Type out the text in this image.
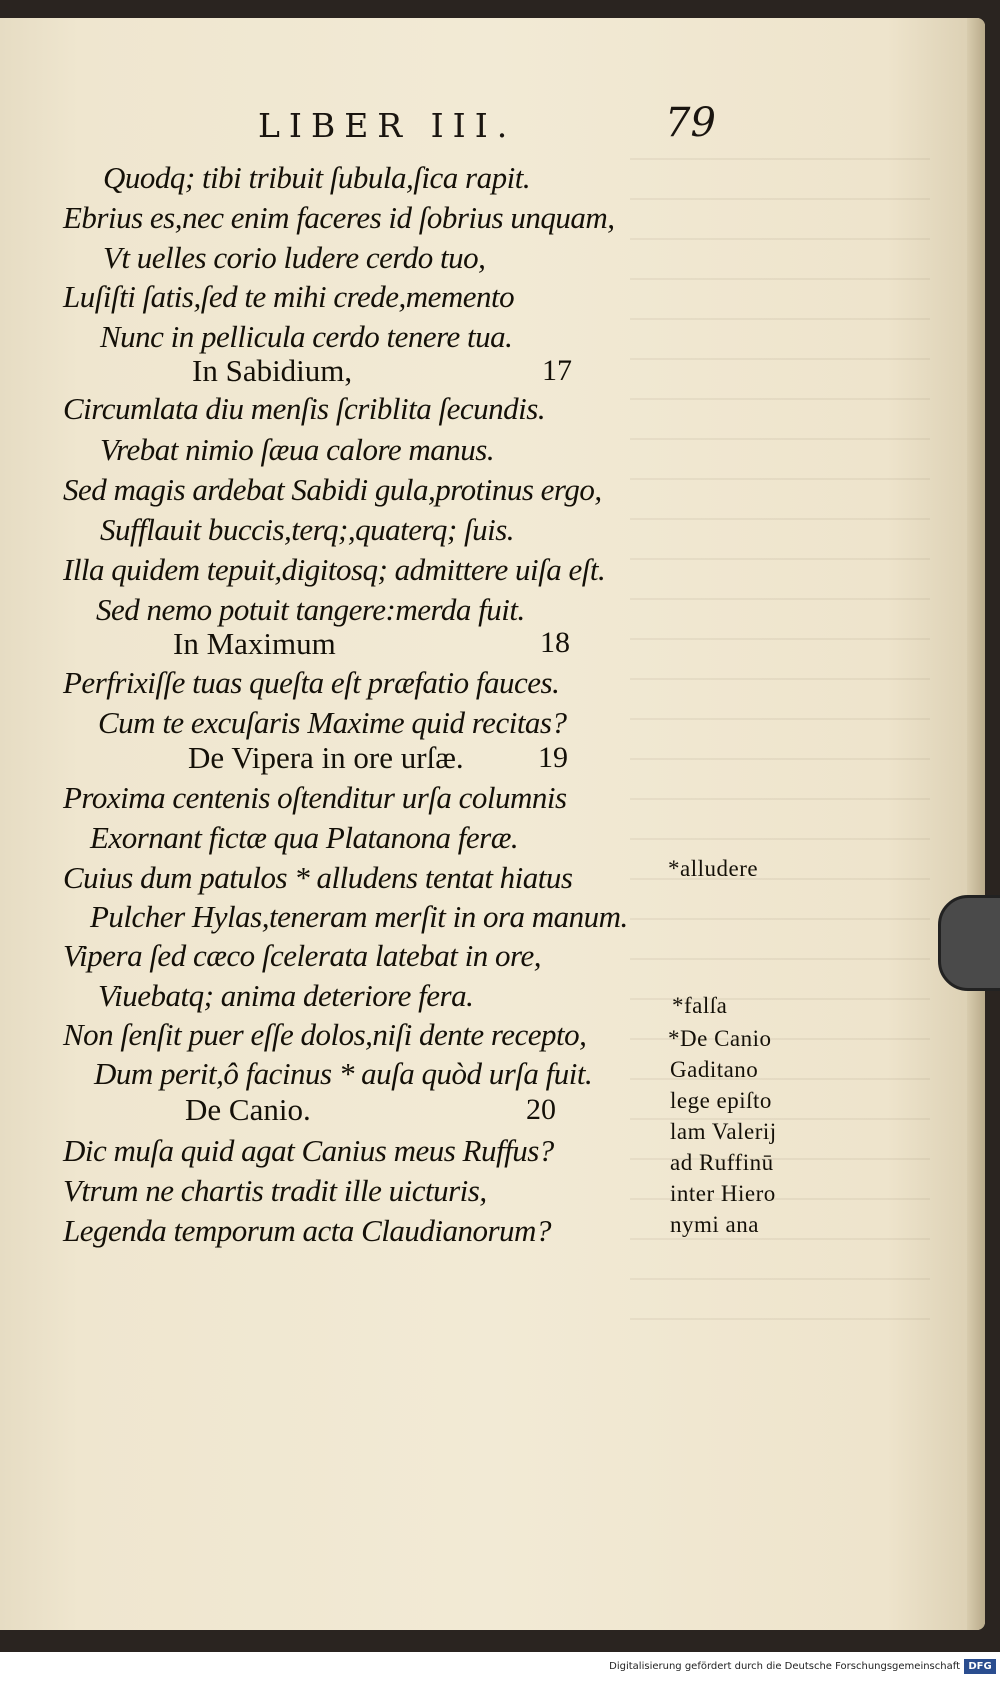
LIBER III.	79
Quodq; tibi tribuit ſubula,ſica rapit.
Ebrius es,nec enim faceres id ſobrius unquam,
Vt uelles corio ludere cerdo tuo,
Luſiſti ſatis,ſed te mihi crede,memento
Nunc in pellicula cerdo tenere tua.
In Sabidium,	17
Circumlata diu menſis ſcriblita ſecundis.
Vrebat nimio ſæua calore manus.
Sed magis ardebat Sabidi gula,protinus ergo,
Sufflauit buccis,terq;,quaterq; ſuis.
Illa quidem tepuit,digitosq; admittere uiſa eſt.
Sed nemo potuit tangere:merda fuit.
In Maximum	18
Perfrixiſſe tuas queſta eſt præfatio fauces.
Cum te excuſaris Maxime quid recitas?
De Vipera in ore urſæ. 19
Proxima centenis oſtenditur urſa columnis
Exornant fictæ qua Platanona feræ.
Cuius dum patulos * alludens tentat hiatus
Pulcher Hylas,teneram merſit in ora manum.
Vipera ſed cæco ſcelerata latebat in ore,
Viuebatq; anima deteriore fera.
Non ſenſit puer eſſe dolos,niſi dente recepto,
Dum perit,ô facinus * auſa quòd urſa fuit.
De Canio.	20
Dic muſa quid agat Canius meus Ruffus?
Vtrum ne chartis tradit ille uicturis,
Legenda temporum acta Claudianorum?
*alludere
*falſa
*De Canio
Gaditano
lege epiſto
lam Valerij
ad Ruffinū
inter Hiero
nymi ana
Digitalisierung gefördert durch die Deutsche Forschungsgemeinschaft DFG
